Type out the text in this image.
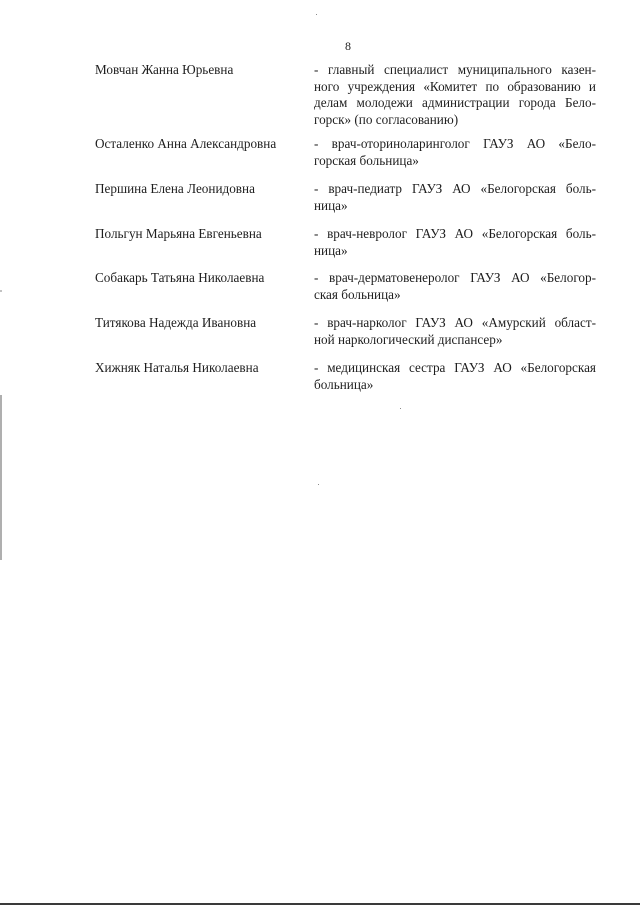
8
Мовчан Жанна Юрьевна	- главный специалист муниципального казен-
ного учреждения «Комитет по образованию и
делам молодежи администрации города Бело-
горск» (по согласованию)
Осталенко Анна Александровна	- врач-оториноларинголог ГАУЗ АО «Бело-
горская больница»
Першина Елена Леонидовна	- врач-педиатр ГАУЗ АО «Белогорская боль-
ница»
Польгун Марьяна Евгеньевна	- врач-невролог ГАУЗ АО «Белогорская боль-
ница»
Собакарь Татьяна Николаевна	- врач-дерматовенеролог ГАУЗ АО «Белогор-
ская больница»
Титякова Надежда Ивановна	- врач-нарколог ГАУЗ АО «Амурский област-
ной наркологический диспансер»
Хижняк Наталья Николаевна	- медицинская сестра ГАУЗ АО «Белогорская
больница»
